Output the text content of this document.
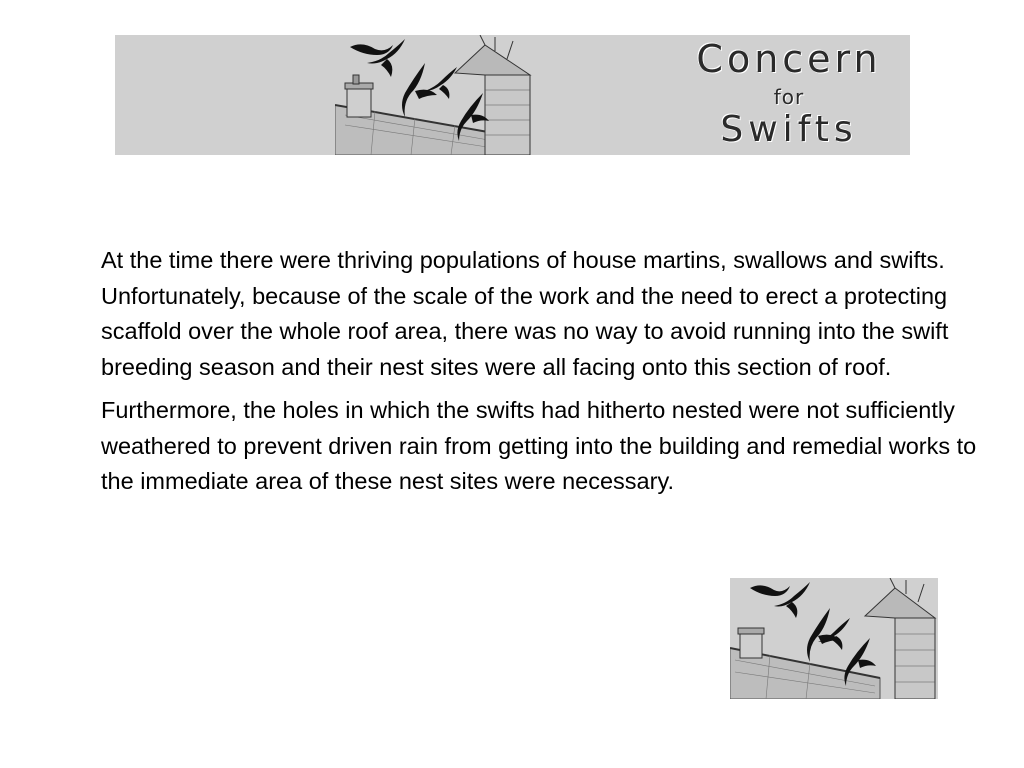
Concern
for
Swifts

At the time there were thriving populations of house martins, swallows and swifts. Unfortunately, because of the scale of the work and the need to erect a protecting scaffold over the whole roof area, there was no way to avoid running into the swift breeding season and their nest sites were all facing onto this section of roof.

Furthermore, the holes in which the swifts had hitherto nested were not sufficiently weathered to prevent driven rain from getting into the building and remedial works to the immediate area of these nest sites were necessary.
